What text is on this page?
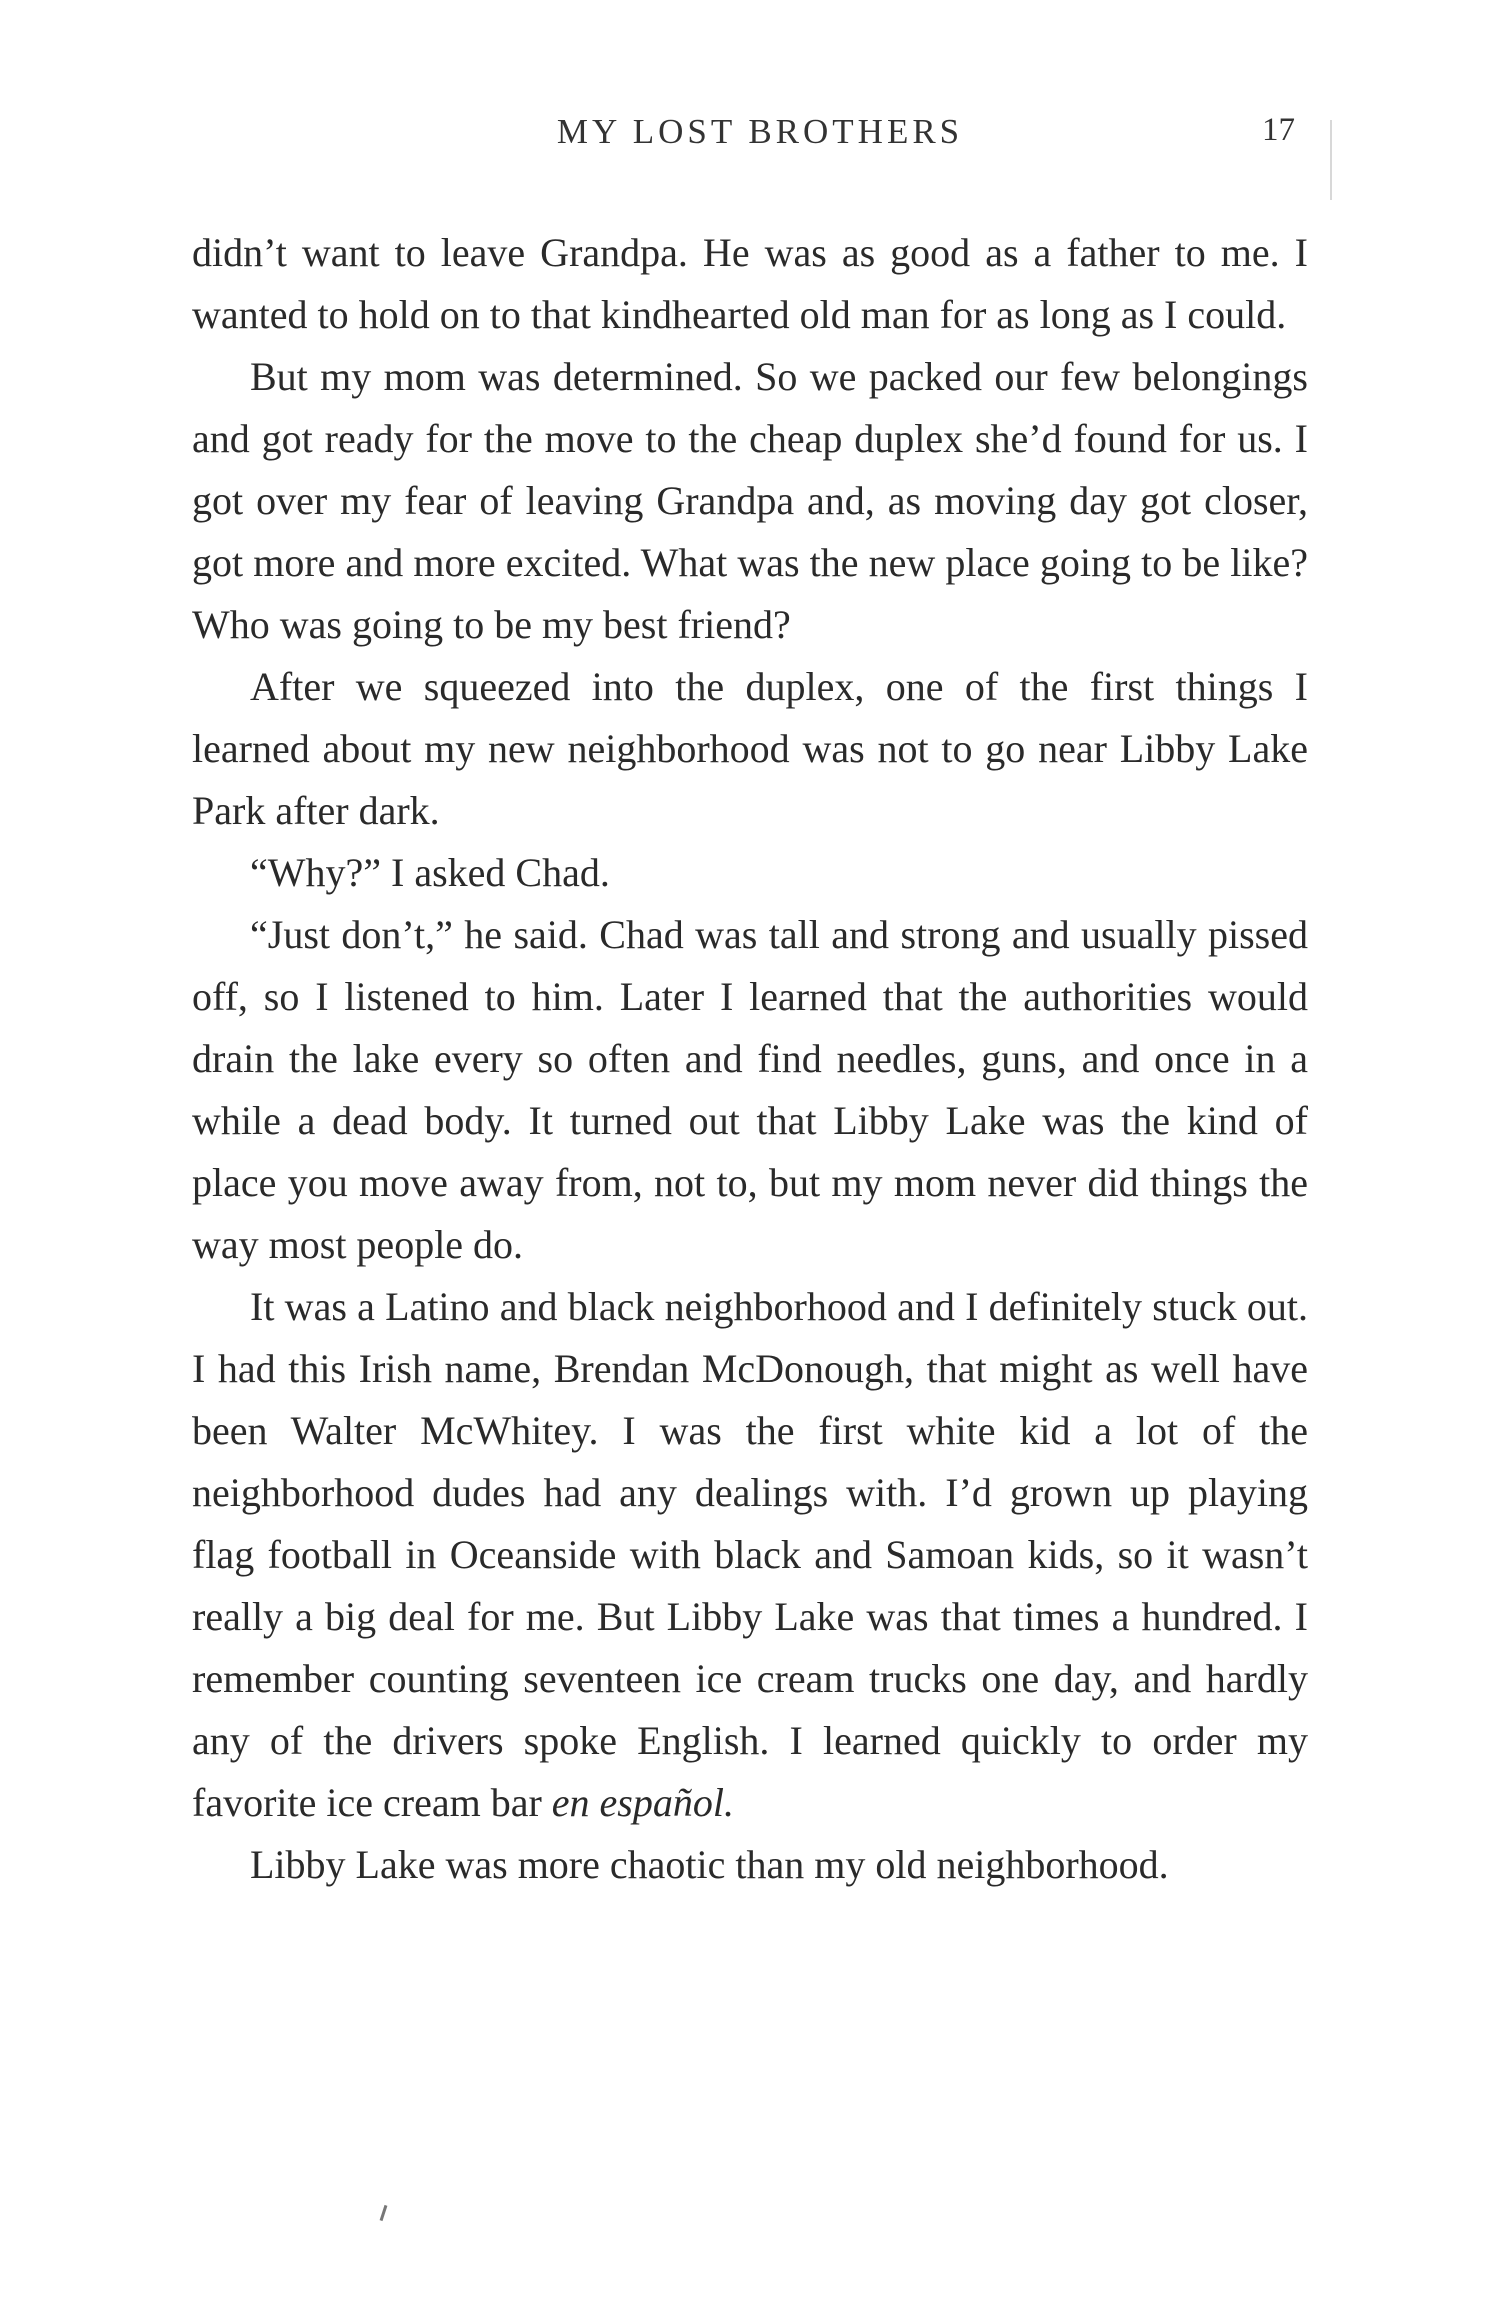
MY LOST BROTHERS	17

didn’t want to leave Grandpa. He was as good as a father to me. I wanted to hold on to that kindhearted old man for as long as I could.

But my mom was determined. So we packed our few belongings and got ready for the move to the cheap duplex she’d found for us. I got over my fear of leaving Grandpa and, as moving day got closer, got more and more excited. What was the new place going to be like? Who was going to be my best friend?

After we squeezed into the duplex, one of the first things I learned about my new neighborhood was not to go near Libby Lake Park after dark.

“Why?” I asked Chad.

“Just don’t,” he said. Chad was tall and strong and usually pissed off, so I listened to him. Later I learned that the authorities would drain the lake every so often and find needles, guns, and once in a while a dead body. It turned out that Libby Lake was the kind of place you move away from, not to, but my mom never did things the way most people do.

It was a Latino and black neighborhood and I definitely stuck out. I had this Irish name, Brendan McDonough, that might as well have been Walter McWhitey. I was the first white kid a lot of the neighborhood dudes had any dealings with. I’d grown up playing flag football in Oceanside with black and Samoan kids, so it wasn’t really a big deal for me. But Libby Lake was that times a hundred. I remember counting seventeen ice cream trucks one day, and hardly any of the drivers spoke English. I learned quickly to order my favorite ice cream bar en español.

Libby Lake was more chaotic than my old neighborhood.
